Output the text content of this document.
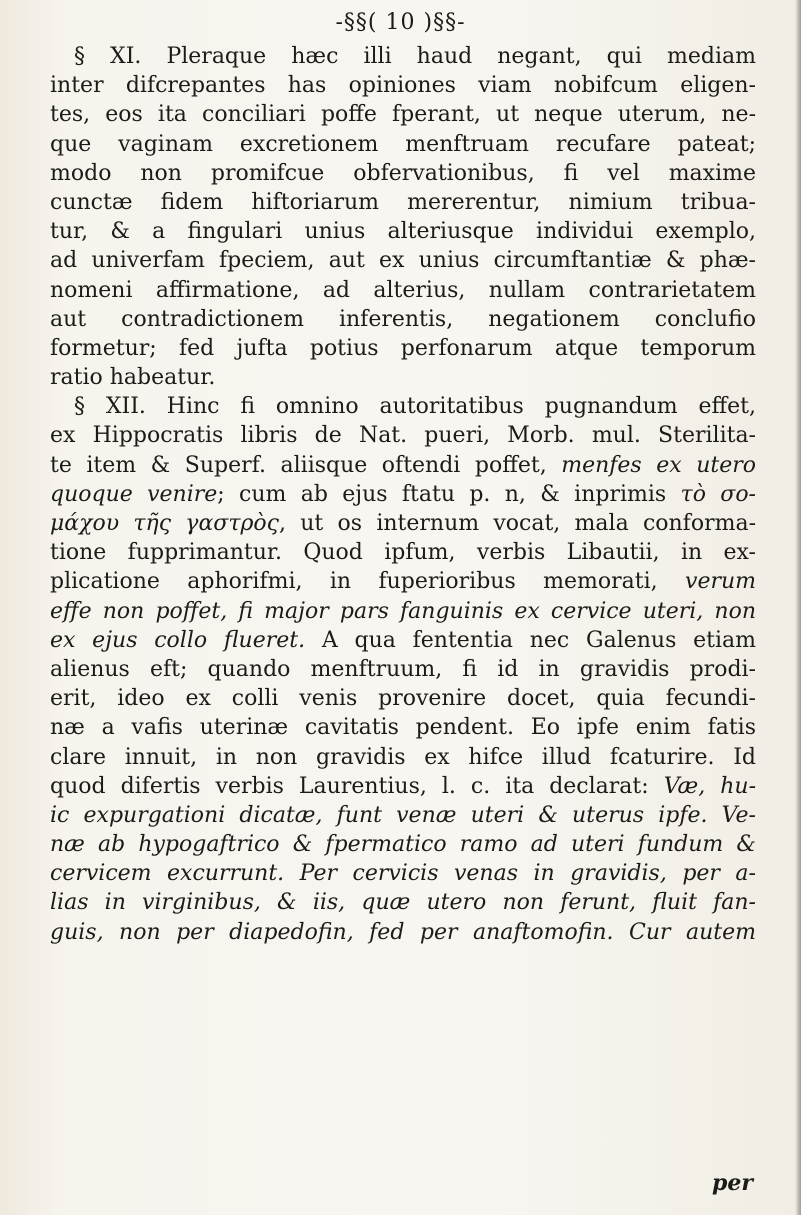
-§§( 10 )§§-
§ XI. Pleraque hæc illi haud negant, qui mediam
inter difcrepantes has opiniones viam nobifcum eligen-
tes, eos ita conciliari poffe fperant, ut neque uterum, ne-
que vaginam excretionem menftruam recufare pateat;
modo non promifcue obfervationibus, fi vel maxime
cunctæ fidem hiftoriarum mererentur, nimium tribua-
tur, & a fingulari unius alteriusque individui exemplo,
ad univerfam fpeciem, aut ex unius circumftantiæ & phæ-
nomeni affirmatione, ad alterius, nullam contrarietatem
aut contradictionem inferentis, negationem conclufio
formetur; fed jufta potius perfonarum atque temporum
ratio habeatur.
§ XII. Hinc fi omnino autoritatibus pugnandum effet,
ex Hippocratis libris de Nat. pueri, Morb. mul. Sterilita-
te item & Superf. aliisque oftendi poffet, menfes ex utero
quoque venire; cum ab ejus ftatu p. n, & inprimis τὸ σο-
μάχου τῆς γαστρὸς, ut os internum vocat, mala conforma-
tione fupprimantur. Quod ipfum, verbis Libautii, in ex-
plicatione aphorifmi, in fuperioribus memorati, verum
effe non poffet, fi major pars fanguinis ex cervice uteri, non
ex ejus collo flueret. A qua fententia nec Galenus etiam
alienus eft; quando menftruum, fi id in gravidis prodi-
erit, ideo ex colli venis provenire docet, quia fecundi-
næ a vafis uterinæ cavitatis pendent. Eo ipfe enim fatis
clare innuit, in non gravidis ex hifce illud fcaturire. Id
quod difertis verbis Laurentius, l. c. ita declarat: Væ, hu-
ic expurgationi dicatæ, funt venæ uteri & uterus ipfe. Ve-
næ ab hypogaftrico & fpermatico ramo ad uteri fundum &
cervicem excurrunt. Per cervicis venas in gravidis, per a-
lias in virginibus, & iis, quæ utero non ferunt, fluit fan-
guis, non per diapedofin, fed per anaftomofin. Cur autem
per
